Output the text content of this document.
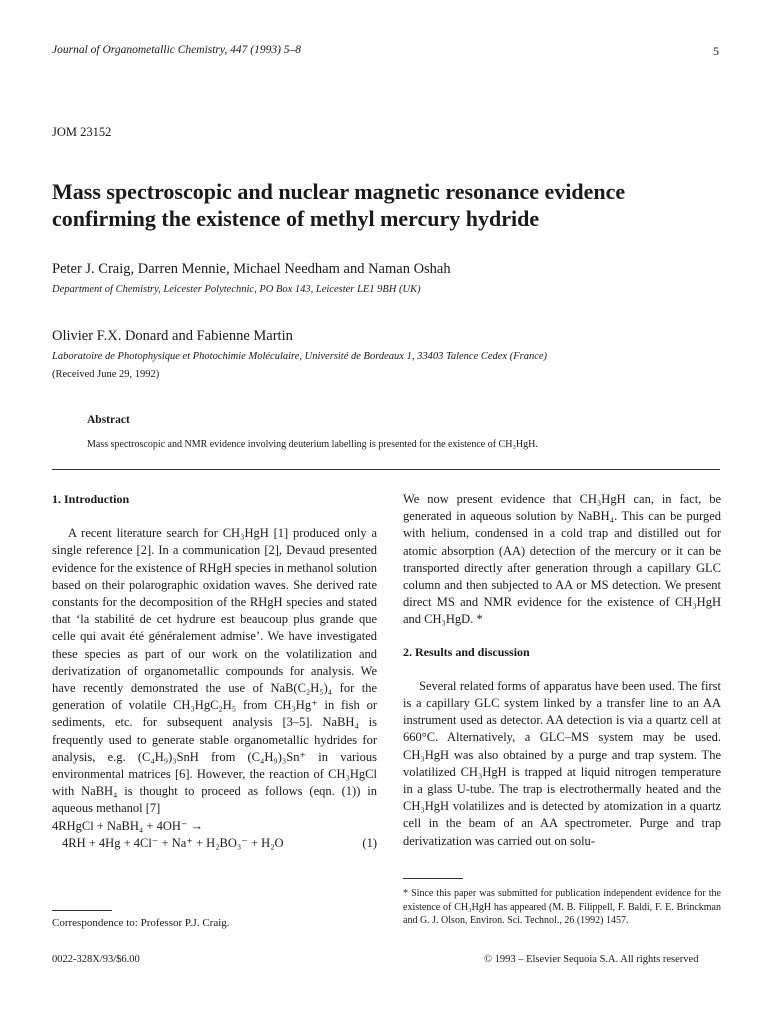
Journal of Organometallic Chemistry, 447 (1993) 5–8	5
JOM 23152
Mass spectroscopic and nuclear magnetic resonance evidence confirming the existence of methyl mercury hydride
Peter J. Craig, Darren Mennie, Michael Needham and Naman Oshah
Department of Chemistry, Leicester Polytechnic, PO Box 143, Leicester LE1 9BH (UK)
Olivier F.X. Donard and Fabienne Martin
Laboratoire de Photophysique et Photochimie Moléculaire, Université de Bordeaux 1, 33403 Talence Cedex (France)
(Received June 29, 1992)
Abstract
Mass spectroscopic and NMR evidence involving deuterium labelling is presented for the existence of CH₃HgH.

1. Introduction

A recent literature search for CH₃HgH [1] produced only a single reference [2]. In a communication [2], Devaud presented evidence for the existence of RHgH species in methanol solution based on their polarographic oxidation waves. She derived rate constants for the decomposition of the RHgH species and stated that ‘la stabilité de cet hydrure est beaucoup plus grande que celle qui avait été généralement admise’. We have investigated these species as part of our work on the volatilization and derivatization of organometallic compounds for analysis. We have recently demonstrated the use of NaB(C₂H₅)₄ for the generation of volatile CH₃HgC₂H₅ from CH₃Hg⁺ in fish or sediments, etc. for subsequent analysis [3–5]. NaBH₄ is frequently used to generate stable organometallic hydrides for analysis, e.g. (C₄H₉)₃SnH from (C₄H₉)₃Sn⁺ in various environmental matrices [6]. However, the reaction of CH₃HgCl with NaBH₄ is thought to proceed as follows (eqn. (1)) in aqueous methanol [7]

4RHgCl + NaBH₄ + 4OH⁻ →
(1)
4RH + 4Hg + 4Cl⁻ + Na⁺ + H₂BO₃⁻ + H₂O

We now present evidence that CH₃HgH can, in fact, be generated in aqueous solution by NaBH₄. This can be purged with helium, condensed in a cold trap and distilled out for atomic absorption (AA) detection of the mercury or it can be transported directly after generation through a capillary GLC column and then subjected to AA or MS detection. We present direct MS and NMR evidence for the existence of CH₃HgH and CH₃HgD. *

2. Results and discussion

Several related forms of apparatus have been used. The first is a capillary GLC system linked by a transfer line to an AA instrument used as detector. AA detection is via a quartz cell at 660°C. Alternatively, a GLC–MS system may be used. CH₃HgH was also obtained by a purge and trap system. The volatilized CH₃HgH is trapped at liquid nitrogen temperature in a glass U-tube. The trap is electrothermally heated and the CH₃HgH volatilizes and is detected by atomization in a quartz cell in the beam of an AA spectrometer. Purge and trap derivatization was carried out on solu-

* Since this paper was submitted for publication independent evidence for the existence of CH₃HgH has appeared (M. B. Filippell, F. Baldi, F. E. Brinckman and G. J. Olson, Environ. Sci. Technol., 26 (1992) 1457.
Correspondence to: Professor P.J. Craig.
0022-328X/93/$6.00	© 1993 – Elsevier Sequoia S.A. All rights reserved
